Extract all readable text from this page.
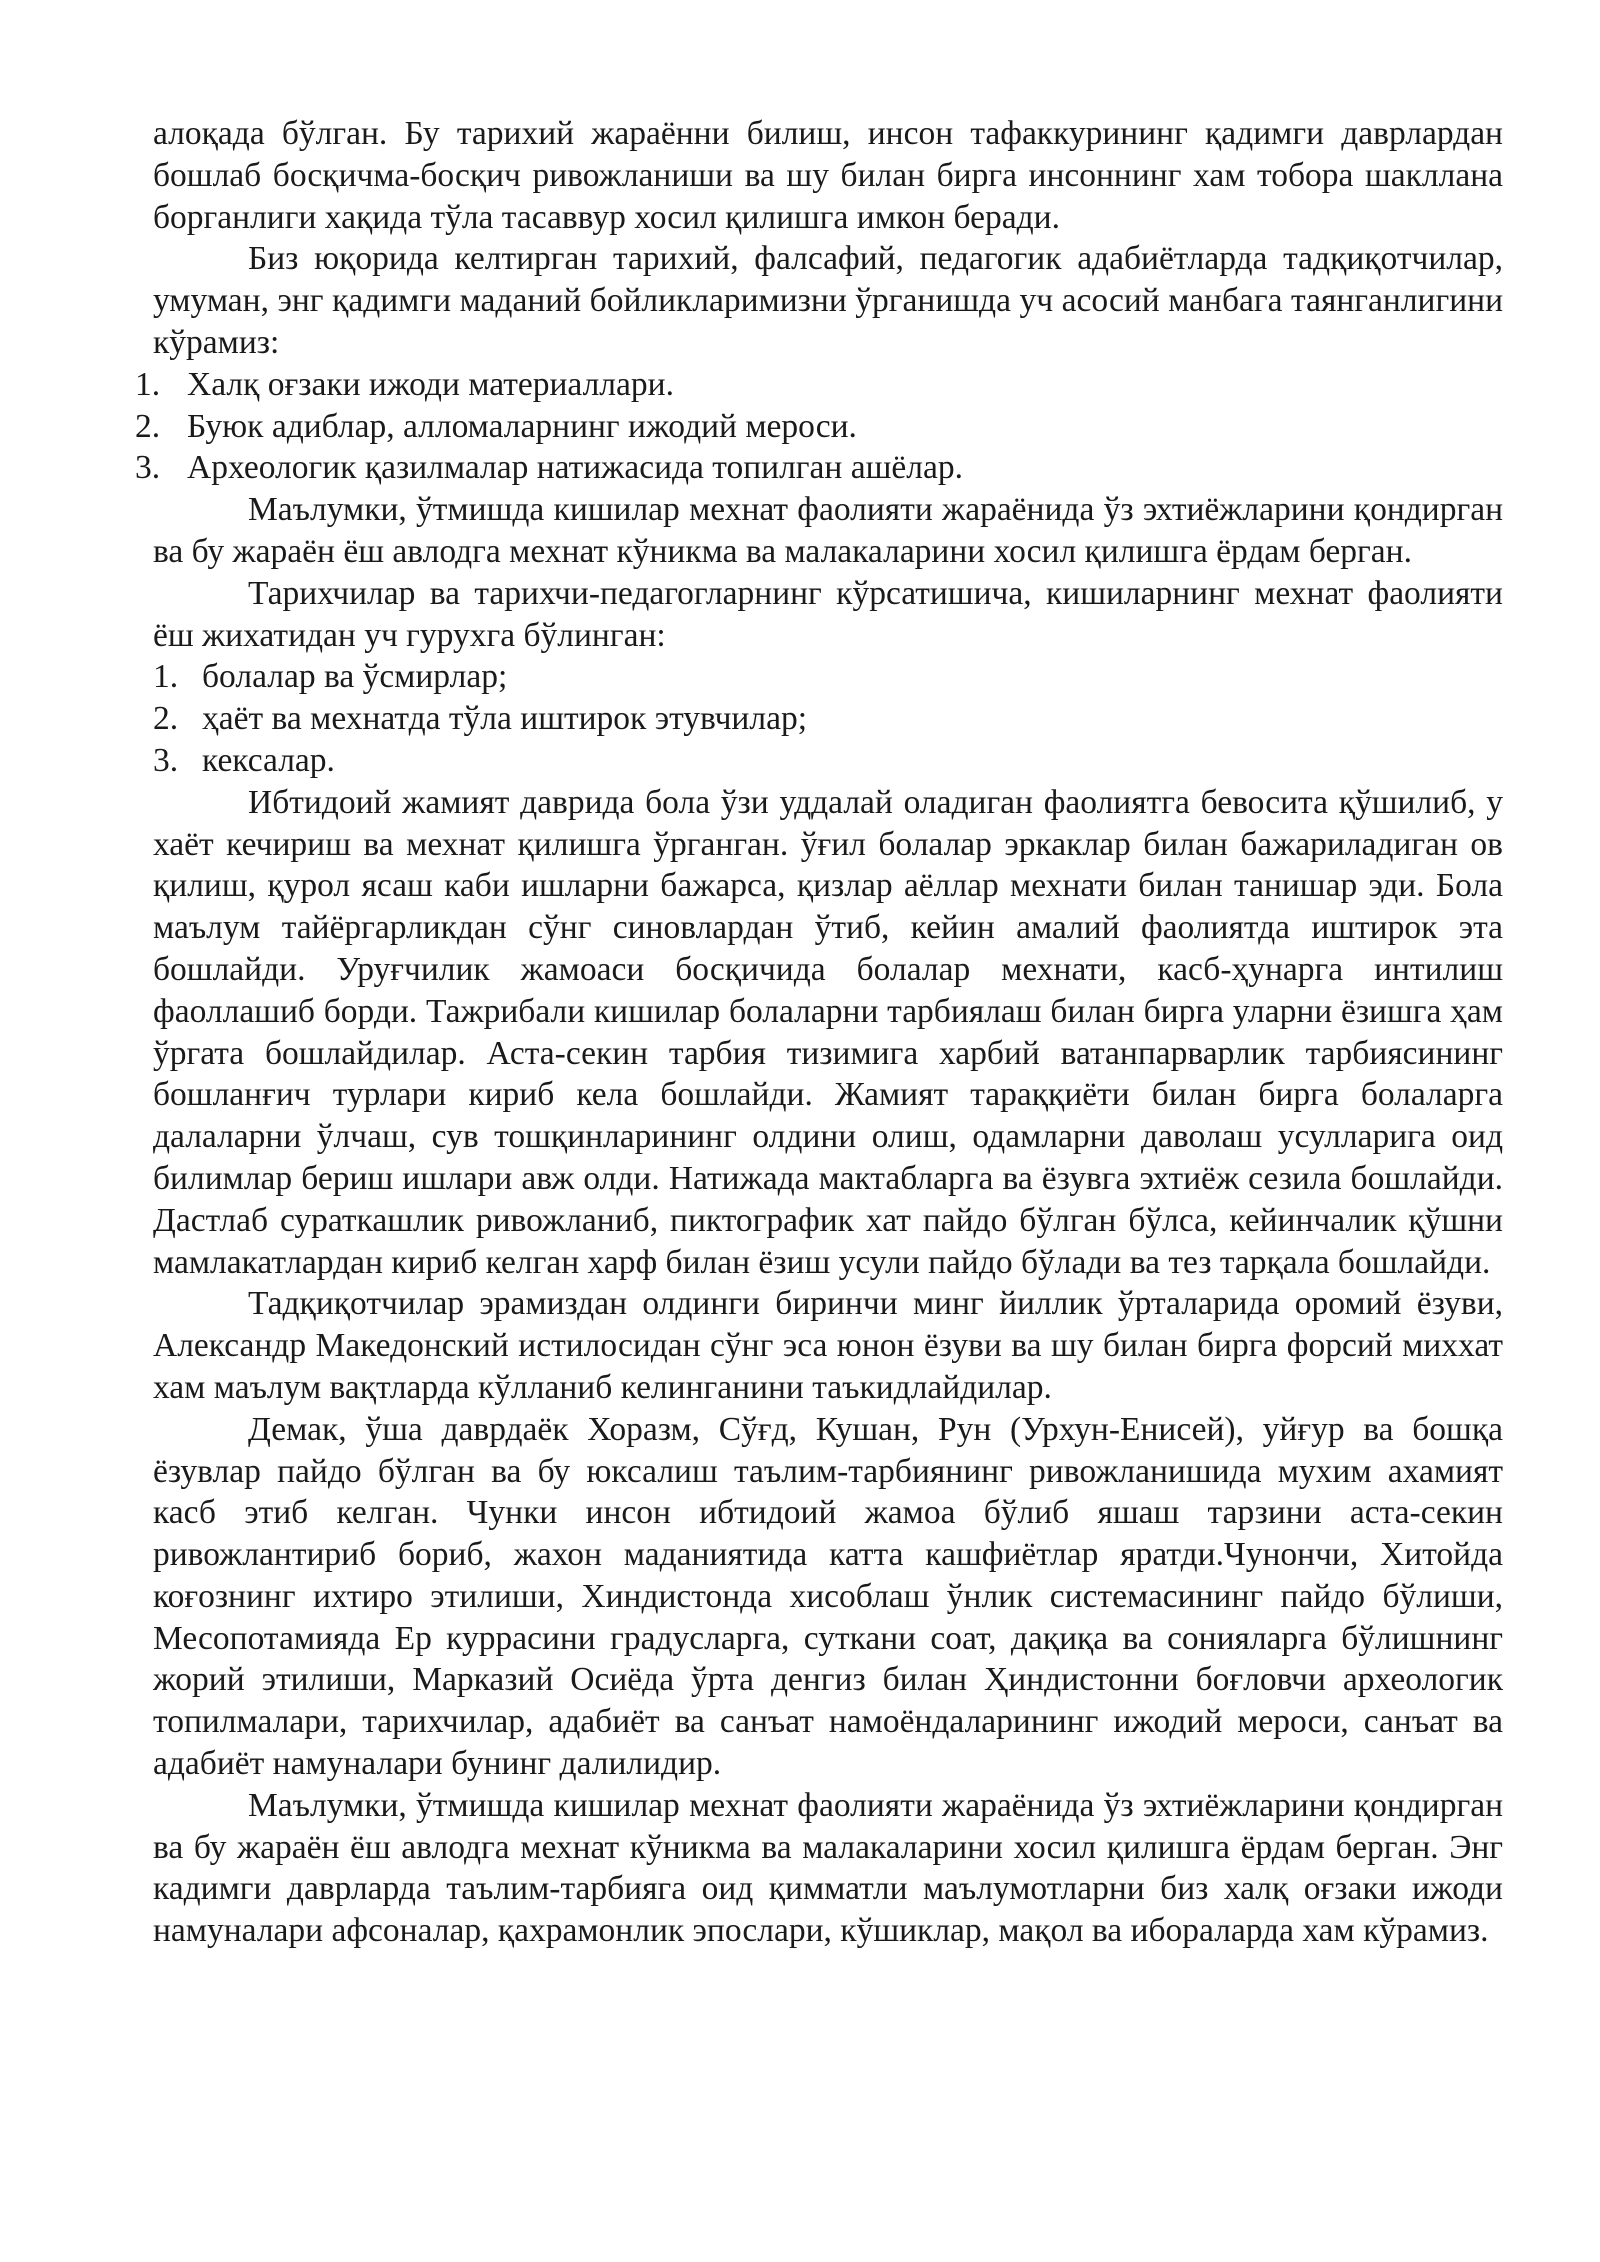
алоқада бўлган. Бу тарихий жараённи билиш, инсон тафаккурининг қадимги даврлардан бошлаб босқичма-босқич ривожланиши ва шу билан бирга инсоннинг хам тобора шакллана борганлиги хақида тўла тасаввур хосил қилишга имкон беради.

Биз юқорида келтирган тарихий, фалсафий, педагогик адабиётларда тадқиқотчилар, умуман, энг қадимги маданий бойликларимизни ўрганишда уч асосий манбага таянганлигини кўрамиз:

1. Халқ оғзаки ижоди материаллари.
2. Буюк адиблар, алломаларнинг ижодий мероси.
3. Археологик қазилмалар натижасида топилган ашёлар.

Маълумки, ўтмишда кишилар мехнат фаолияти жараёнида ўз эхтиёжларини қондирган ва бу жараён ёш авлодга мехнат кўникма ва малакаларини хосил қилишга ёрдам берган.

Тарихчилар ва тарихчи-педагогларнинг кўрсатишича, кишиларнинг мехнат фаолияти ёш жихатидан уч гурухга бўлинган:

1. болалар ва ўсмирлар;
2. ҳаёт ва мехнатда тўла иштирок этувчилар;
3. кексалар.

Ибтидоий жамият даврида бола ўзи уддалай оладиган фаолиятга бевосита қўшилиб, у хаёт кечириш ва мехнат қилишга ўрганган. ўғил болалар эркаклар билан бажариладиган ов қилиш, қурол ясаш каби ишларни бажарса, қизлар аёллар мехнати билан танишар эди. Бола маълум тайёргарликдан сўнг синовлардан ўтиб, кейин амалий фаолиятда иштирок эта бошлайди. Уруғчилик жамоаси босқичида болалар мехнати, касб-ҳунарга интилиш фаоллашиб борди. Тажрибали кишилар болаларни тарбиялаш билан бирга уларни ёзишга ҳам ўргата бошлайдилар. Аста-секин тарбия тизимига харбий ватанпарварлик тарбиясининг бошланғич турлари кириб кела бошлайди. Жамият тараққиёти билан бирга болаларга далаларни ўлчаш, сув тошқинларининг олдини олиш, одамларни даволаш усулларига оид билимлар бериш ишлари авж олди. Натижада мактабларга ва ёзувга эхтиёж сезила бошлайди. Дастлаб сураткашлик ривожланиб, пиктографик хат пайдо бўлган бўлса, кейинчалик қўшни мамлакатлардан кириб келган харф билан ёзиш усули пайдо бўлади ва тез тарқала бошлайди.

Тадқиқотчилар эрамиздан олдинги биринчи минг йиллик ўрталарида оромий ёзуви, Александр Македонский истилосидан сўнг эса юнон ёзуви ва шу билан бирга форсий миххат хам маълум вақтларда кўлланиб келинганини таъкидлайдилар.

Демак, ўша даврдаёк Хоразм, Сўғд, Кушан, Рун (Урхун-Енисей), уйғур ва бошқа ёзувлар пайдо бўлган ва бу юксалиш таълим-тарбиянинг ривожланишида мухим ахамият касб этиб келган. Чунки инсон ибтидоий жамоа бўлиб яшаш тарзини аста-секин ривожлантириб бориб, жахон маданиятида катта кашфиётлар яратди.Чунончи, Хитойда коғознинг ихтиро этилиши, Хиндистонда хисоблаш ўнлик системасининг пайдо бўлиши, Месопотамияда Ер куррасини градусларга, суткани соат, дақиқа ва сонияларга бўлишнинг жорий этилиши, Марказий Осиёда ўрта денгиз билан Ҳиндистонни боғловчи археологик топилмалари, тарихчилар, адабиёт ва санъат намоёндаларининг ижодий мероси, санъат ва адабиёт намуналари бунинг далилидир.

Маълумки, ўтмишда кишилар мехнат фаолияти жараёнида ўз эхтиёжларини қондирган ва бу жараён ёш авлодга мехнат кўникма ва малакаларини хосил қилишга ёрдам берган. Энг кадимги даврларда таълим-тарбияга оид қимматли маълумотларни биз халқ оғзаки ижоди намуналари афсоналар, қахрамонлик эпослари, кўшиклар, мақол ва ибораларда хам кўрамиз.
